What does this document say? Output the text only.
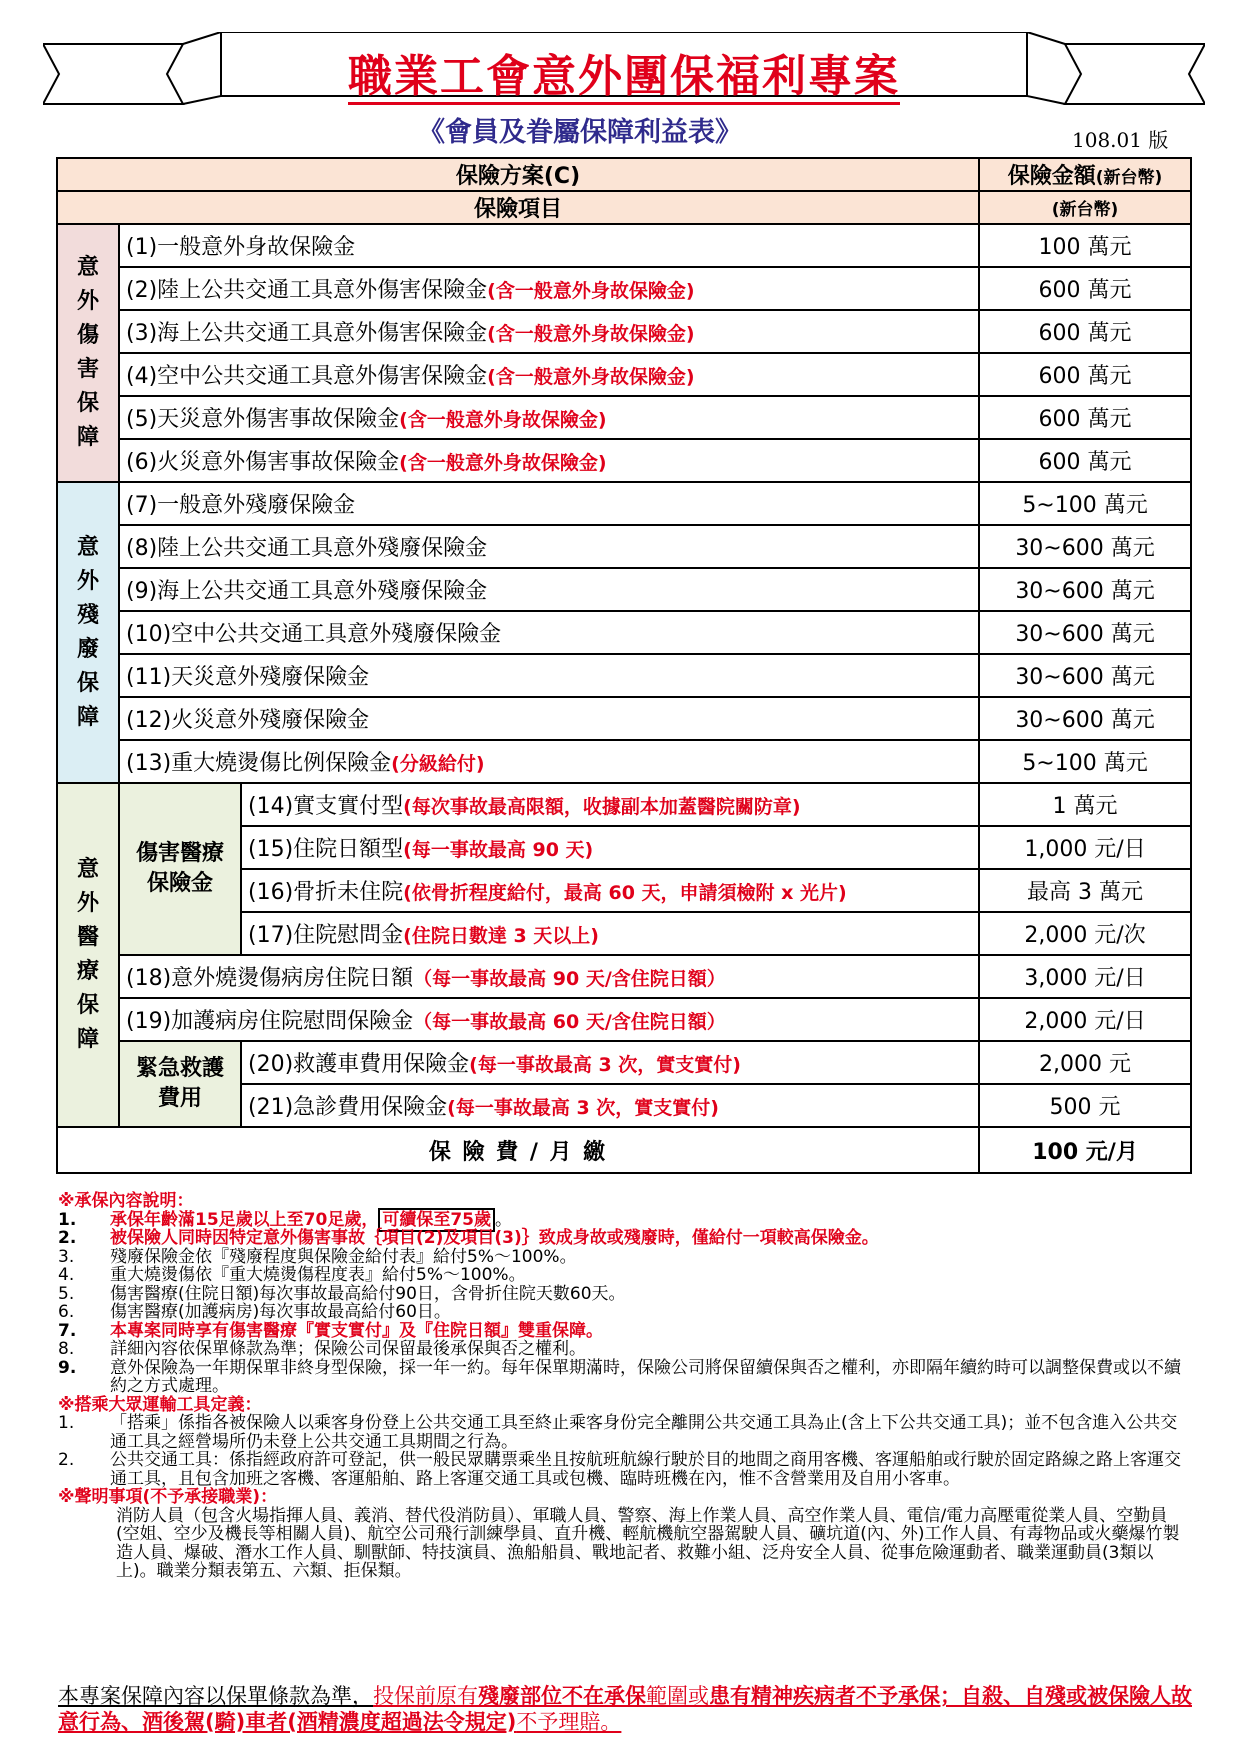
職業工會意外團保福利專案
《會員及眷屬保障利益表》	108.01 版
保險方案(C)			保險金額(新台幣)
保險項目			(新台幣)

意外傷害保障	(1)一般意外身故保險金		100 萬元
	(2)陸上公共交通工具意外傷害保險金(含一般意外身故保險金)		600 萬元
	(3)海上公共交通工具意外傷害保險金(含一般意外身故保險金)		600 萬元
	(4)空中公共交通工具意外傷害保險金(含一般意外身故保險金)		600 萬元
	(5)天災意外傷害事故保險金(含一般意外身故保險金)		600 萬元
	(6)火災意外傷害事故保險金(含一般意外身故保險金)		600 萬元

意外殘廢保障	(7)一般意外殘廢保險金		5~100 萬元
	(8)陸上公共交通工具意外殘廢保險金		30~600 萬元
	(9)海上公共交通工具意外殘廢保險金		30~600 萬元
	(10)空中公共交通工具意外殘廢保險金		30~600 萬元
	(11)天災意外殘廢保險金		30~600 萬元
	(12)火災意外殘廢保險金		30~600 萬元
	(13)重大燒燙傷比例保險金(分級給付)		5~100 萬元

意外醫療保障	傷害醫療保險金	(14)實支實付型(每次事故最高限額，收據副本加蓋醫院關防章)	1 萬元
		(15)住院日額型(每一事故最高 90 天)	1,000 元/日
		(16)骨折未住院(依骨折程度給付，最高 60 天，申請須檢附 x 光片)	最高 3 萬元
		(17)住院慰問金(住院日數達 3 天以上)	2,000 元/次
	(18)意外燒燙傷病房住院日額（每一事故最高 90 天/含住院日額）		3,000 元/日
	(19)加護病房住院慰問保險金（每一事故最高 60 天/含住院日額）		2,000 元/日

	緊急救護費用	(20)救護車費用保險金(每一事故最高 3 次，實支實付)	2,000 元
		(21)急診費用保險金(每一事故最高 3 次，實支實付)	500 元
保 險 費 / 月 繳			100 元/月
※承保內容說明：
1.	承保年齡滿15足歲以上至70足歲， 可續保至75歲 。
2.	被保險人同時因特定意外傷害事故｛項目(2)及項目(3)｝致成身故或殘廢時，僅給付一項較高保險金。
3.	殘廢保險金依『殘廢程度與保險金給付表』給付5%～100%。
4.	重大燒燙傷依『重大燒燙傷程度表』給付5%～100%。
5.	傷害醫療(住院日額)每次事故最高給付90日，含骨折住院天數60天。
6.	傷害醫療(加護病房)每次事故最高給付60日。
7.	本專案同時享有傷害醫療『實支實付』及『住院日額』雙重保障。
8.	詳細內容依保單條款為準；保險公司保留最後承保與否之權利。
9.	意外保險為一年期保單非終身型保險，採一年一約。每年保單期滿時，保險公司將保留續保與否之權利，亦即隔年續約時可以調整保費或以不續約之方式處理。
※搭乘大眾運輸工具定義：
1.	「搭乘」係指各被保險人以乘客身份登上公共交通工具至終止乘客身份完全離開公共交通工具為止(含上下公共交通工具)；並不包含進入公共交通工具之經營場所仍未登上公共交通工具期間之行為。
2.	公共交通工具：係指經政府許可登記，供一般民眾購票乘坐且按航班航線行駛於目的地間之商用客機、客運船舶或行駛於固定路線之路上客運交通工具，且包含加班之客機、客運船舶、路上客運交通工具或包機、臨時班機在內，惟不含營業用及自用小客車。
※聲明事項(不予承接職業)：
消防人員（包含火場指揮人員、義消、替代役消防員）、軍職人員、警察、海上作業人員、高空作業人員、電信/電力高壓電從業人員、空勤員(空姐、空少及機長等相關人員)、航空公司飛行訓練學員、直升機、輕航機航空器駕駛人員、礦坑道(內、外)工作人員、有毒物品或火藥爆竹製造人員、爆破、潛水工作人員、馴獸師、特技演員、漁船船員、戰地記者、救難小組、泛舟安全人員、從事危險運動者、職業運動員(3類以上)。職業分類表第五、六類、拒保類。
本專案保障內容以保單條款為準，投保前原有殘廢部位不在承保範圍或患有精神疾病者不予承保；自殺、自殘或被保險人故意行為、酒後駕(騎)車者(酒精濃度超過法令規定)不予理賠。
